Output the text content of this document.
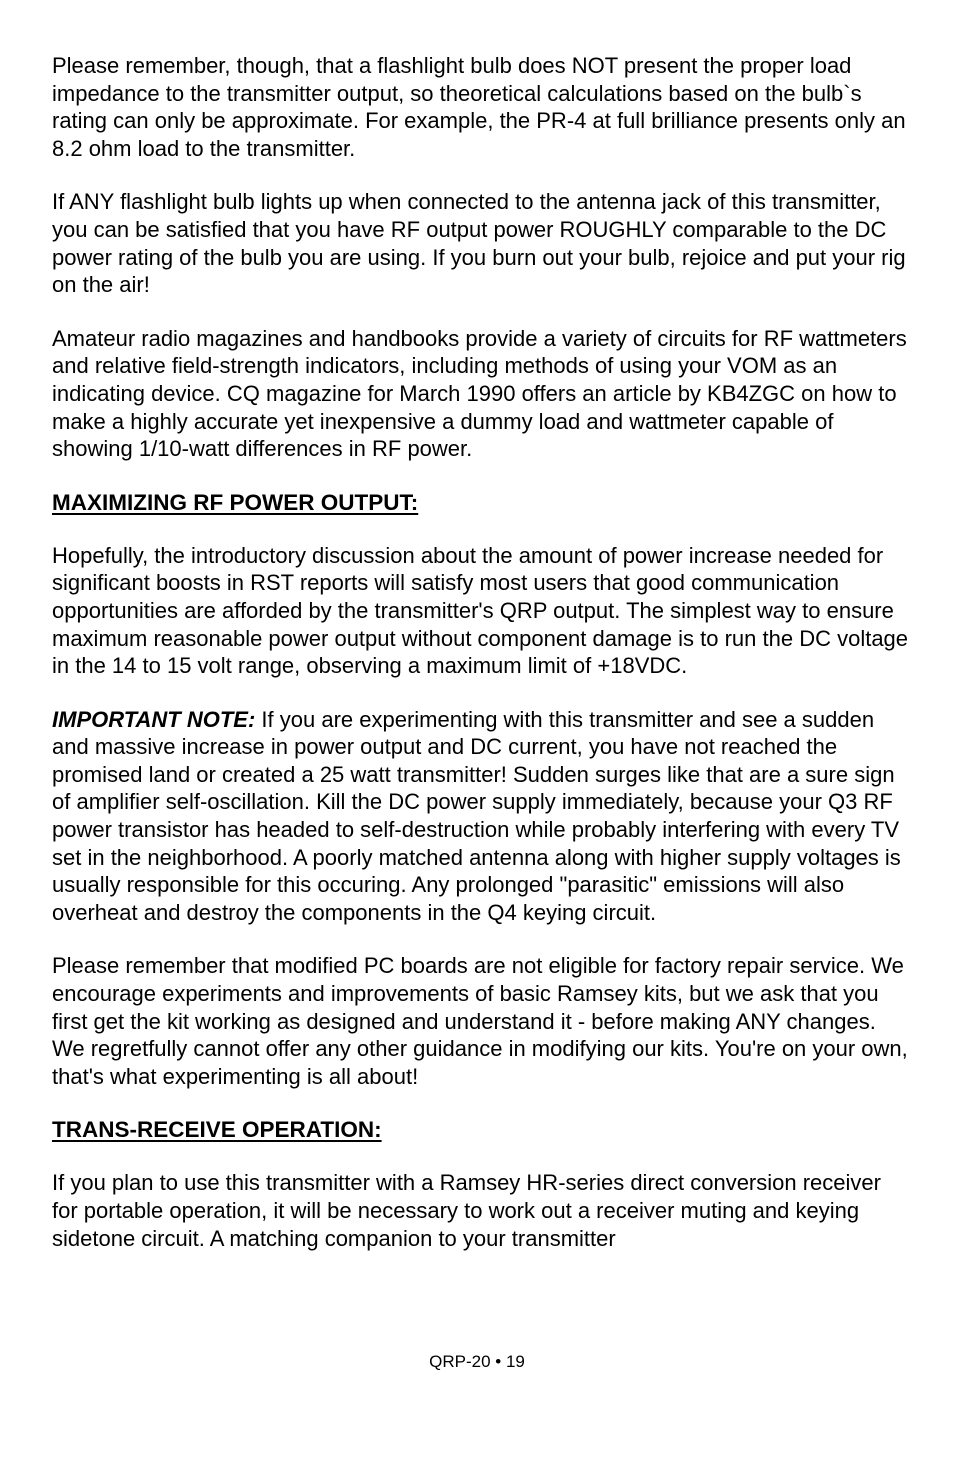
Please remember, though, that a flashlight bulb does NOT present the proper load impedance to the transmitter output, so theoretical calculations based on the bulb`s rating can only be approximate. For example, the PR-4 at full brilliance presents only an 8.2 ohm load to the transmitter.

If ANY flashlight bulb lights up when connected to the antenna jack of this transmitter, you can be satisfied that you have RF output power ROUGHLY comparable to the DC power rating of the bulb you are using. If you burn out your bulb, rejoice and put your rig on the air!

Amateur radio magazines and handbooks provide a variety of circuits for RF wattmeters and relative field-strength indicators, including methods of using your VOM as an indicating device. CQ magazine for March 1990 offers an article by KB4ZGC on how to make a highly accurate yet inexpensive a dummy load and wattmeter capable of showing 1/10-watt differences in RF power.

MAXIMIZING RF POWER OUTPUT:

Hopefully, the introductory discussion about the amount of power increase needed for significant boosts in RST reports will satisfy most users that good communication opportunities are afforded by the transmitter's QRP output. The simplest way to ensure maximum reasonable power output without component damage is to run the DC voltage in the 14 to 15 volt range, observing a maximum limit of +18VDC.

IMPORTANT NOTE: If you are experimenting with this transmitter and see a sudden and massive increase in power output and DC current, you have not reached the promised land or created a 25 watt transmitter! Sudden surges like that are a sure sign of amplifier self-oscillation. Kill the DC power supply immediately, because your Q3 RF power transistor has headed to self-destruction while probably interfering with every TV set in the neighborhood. A poorly matched antenna along with higher supply voltages is usually responsible for this occuring. Any prolonged "parasitic" emissions will also overheat and destroy the components in the Q4 keying circuit.

Please remember that modified PC boards are not eligible for factory repair service. We encourage experiments and improvements of basic Ramsey kits, but we ask that you first get the kit working as designed and understand it - before making ANY changes. We regretfully cannot offer any other guidance in modifying our kits. You're on your own, that's what experimenting is all about!

TRANS-RECEIVE OPERATION:

If you plan to use this transmitter with a Ramsey HR-series direct conversion receiver for portable operation, it will be necessary to work out a receiver muting and keying sidetone circuit. A matching companion to your transmitter

QRP-20 • 19
